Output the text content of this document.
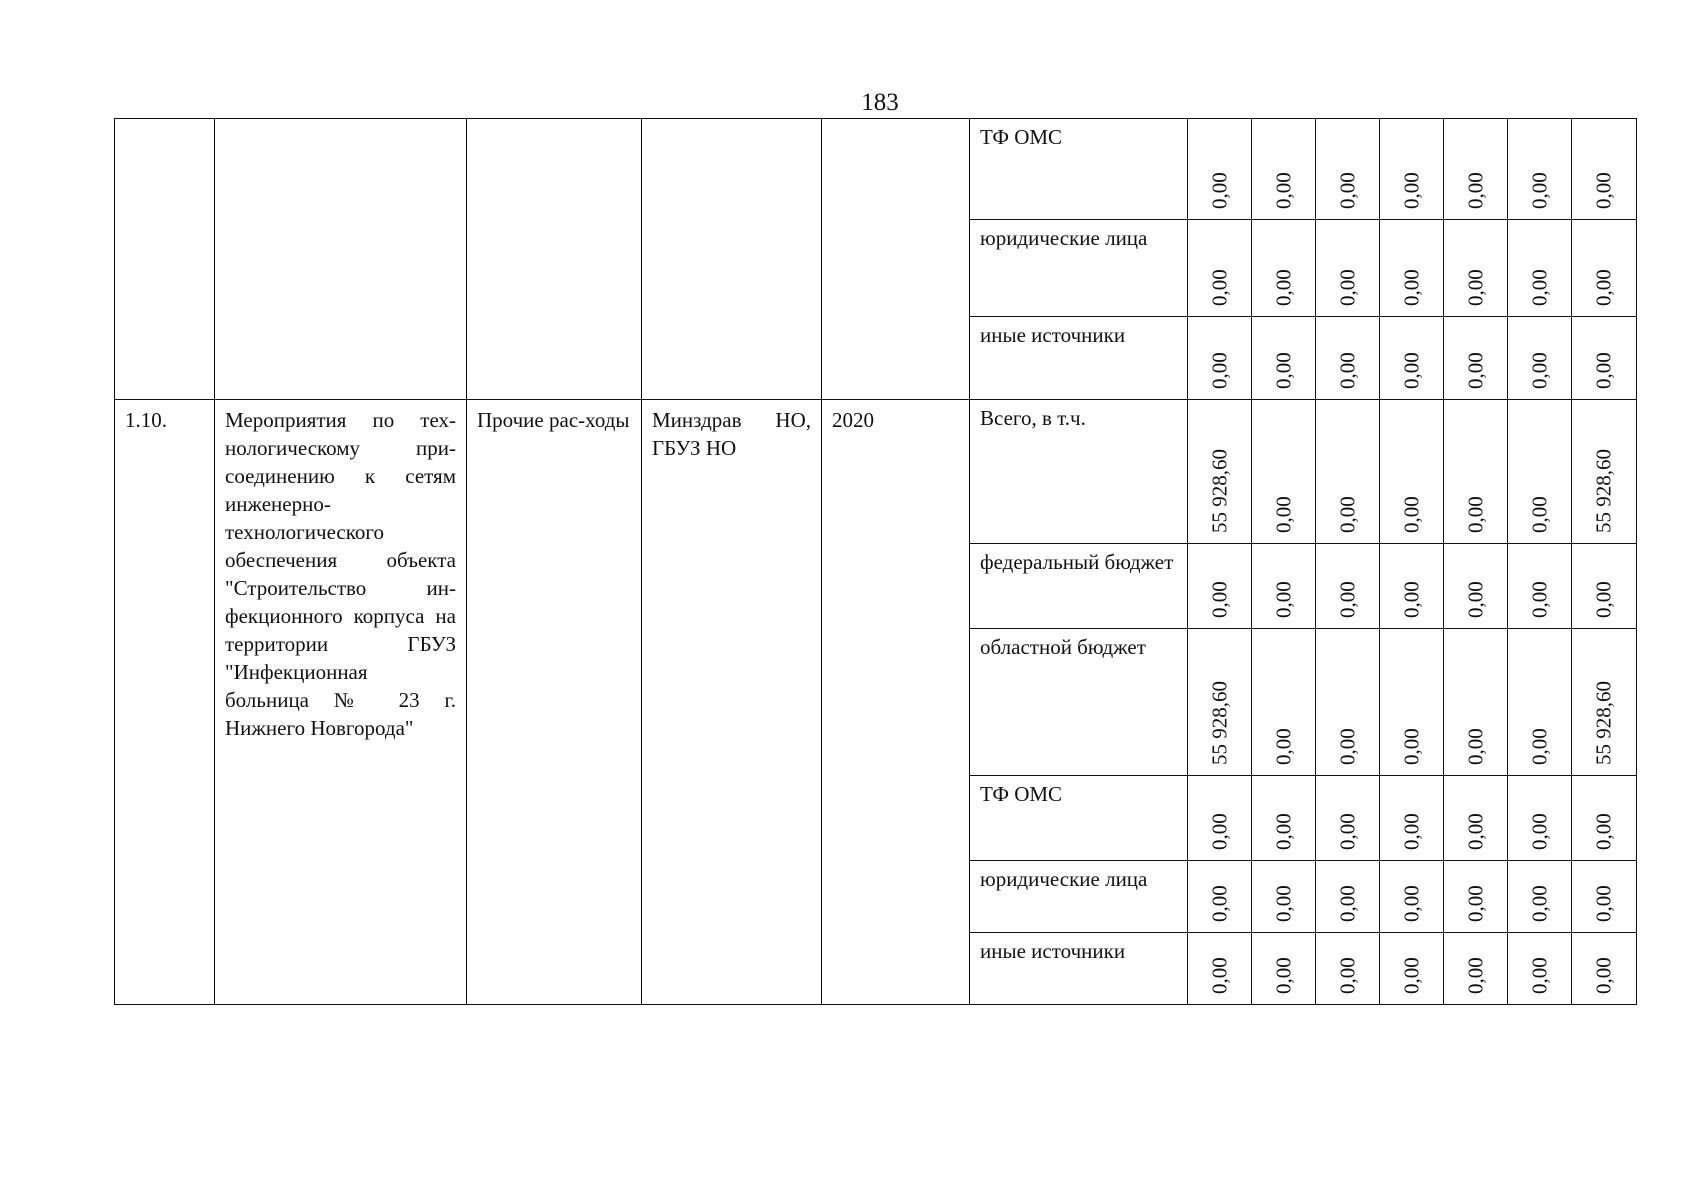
183

					ТФ ОМС	0,00	0,00	0,00	0,00	0,00	0,00	0,00

					юридические лица	0,00	0,00	0,00	0,00	0,00	0,00	0,00

					иные источники	0,00	0,00	0,00	0,00	0,00	0,00	0,00

1.10.	Мероприятия по тех-нологическому при-соединению к сетям инженерно-технологического обеспечения объекта "Строительство ин-фекционного корпуса на территории ГБУЗ "Инфекционная больница № 23 г. Нижнего Новгорода"	Прочие рас-ходы	Минздрав НО, ГБУЗ НО	2020	Всего, в т.ч.	55 928,60	0,00	0,00	0,00	0,00	0,00	55 928,60

					федеральный бюджет	0,00	0,00	0,00	0,00	0,00	0,00	0,00

					областной бюджет	55 928,60	0,00	0,00	0,00	0,00	0,00	55 928,60

					ТФ ОМС	0,00	0,00	0,00	0,00	0,00	0,00	0,00

					юридические лица	0,00	0,00	0,00	0,00	0,00	0,00	0,00

					иные источники	0,00	0,00	0,00	0,00	0,00	0,00	0,00
